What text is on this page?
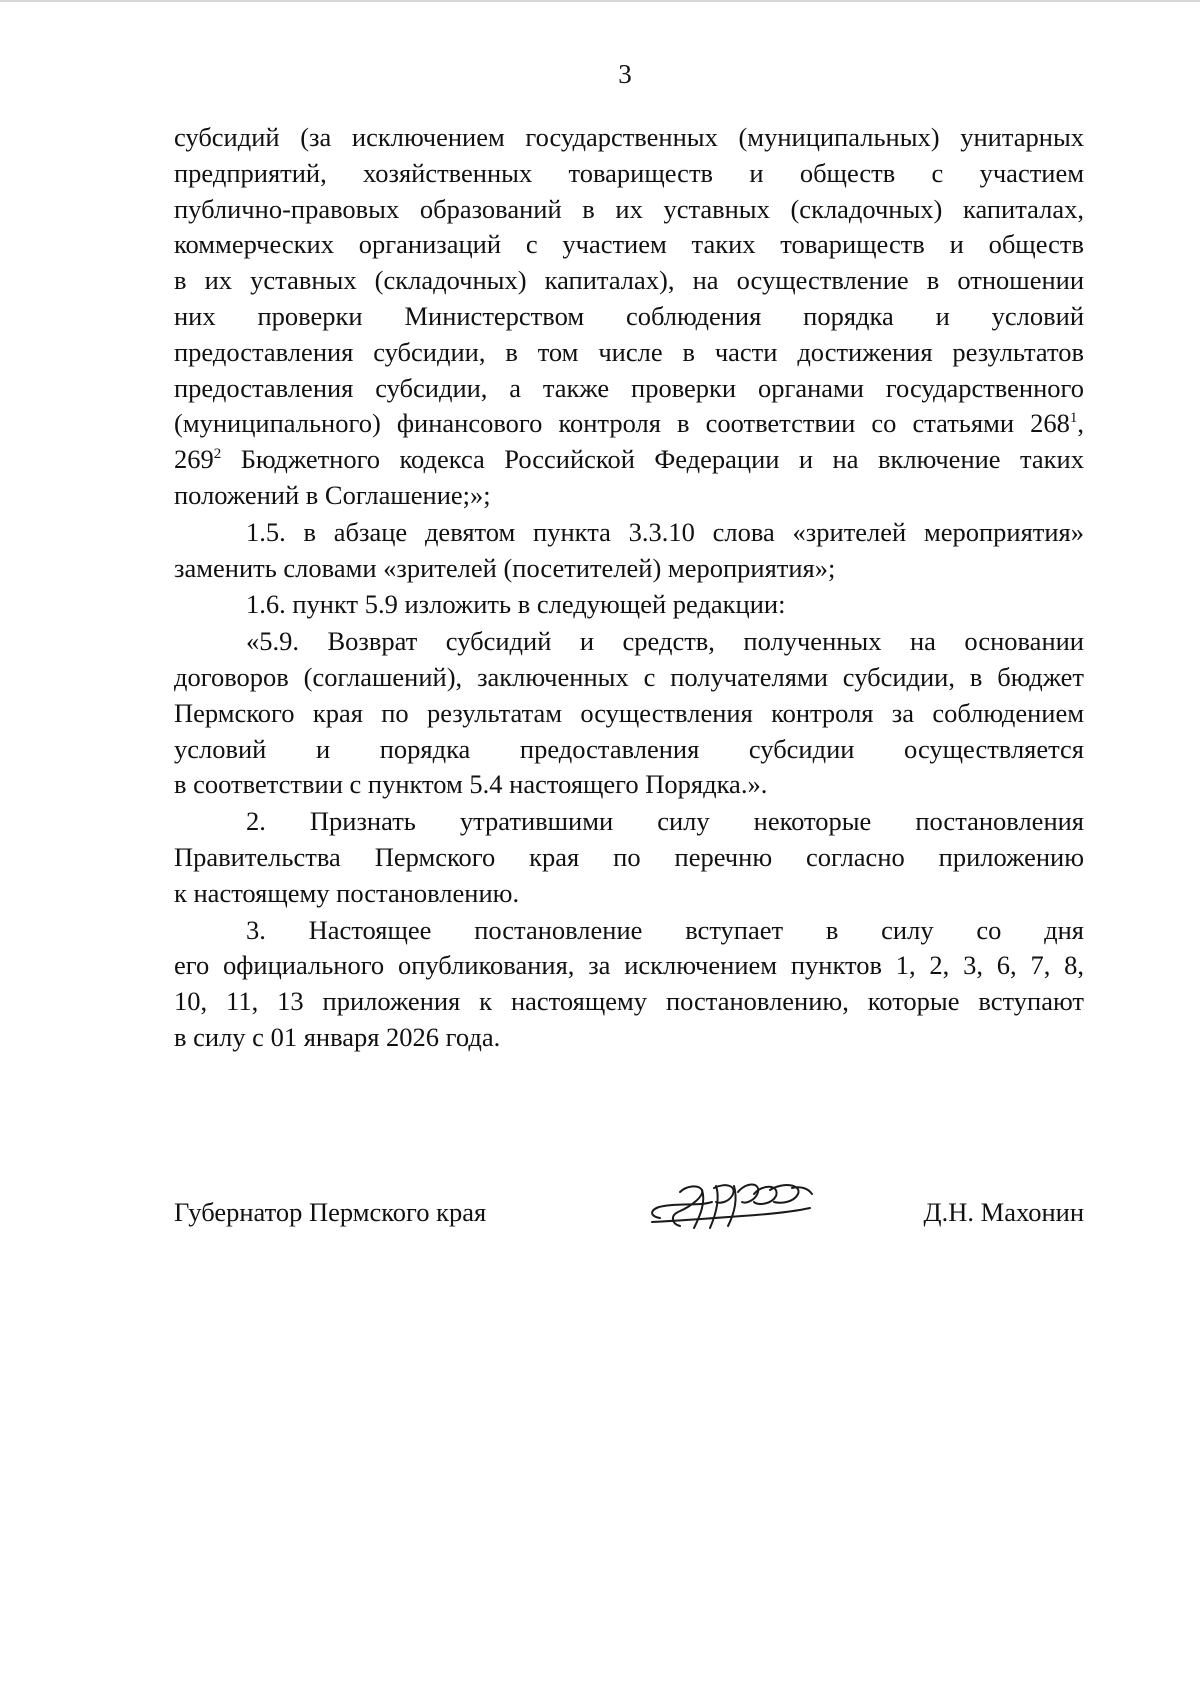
3

субсидий (за исключением государственных (муниципальных) унитарных
предприятий, хозяйственных товариществ и обществ с участием
публично-правовых образований в их уставных (складочных) капиталах,
коммерческих организаций с участием таких товариществ и обществ
в их уставных (складочных) капиталах), на осуществление в отношении
них проверки Министерством соблюдения порядка и условий
предоставления субсидии, в том числе в части достижения результатов
предоставления субсидии, а также проверки органами государственного
(муниципального) финансового контроля в соответствии со статьями $268^1$,
$269^2$ Бюджетного кодекса Российской Федерации и на включение таких
положений в Соглашение;»;

1.5. в абзаце девятом пункта 3.3.10 слова «зрителей мероприятия»
заменить словами «зрителей (посетителей) мероприятия»;

1.6. пункт 5.9 изложить в следующей редакции:

«5.9. Возврат субсидий и средств, полученных на основании
договоров (соглашений), заключенных с получателями субсидии, в бюджет
Пермского края по результатам осуществления контроля за соблюдением
условий и порядка предоставления субсидии осуществляется
в соответствии с пунктом 5.4 настоящего Порядка.».

2. Признать утратившими силу некоторые постановления
Правительства Пермского края по перечню согласно приложению
к настоящему постановлению.

3. Настоящее постановление вступает в силу со дня
его официального опубликования, за исключением пунктов 1, 2, 3, 6, 7, 8,
10, 11, 13 приложения к настоящему постановлению, которые вступают
в силу с 01 января 2026 года.

Губернатор Пермского края	Д.Н. Махонин
